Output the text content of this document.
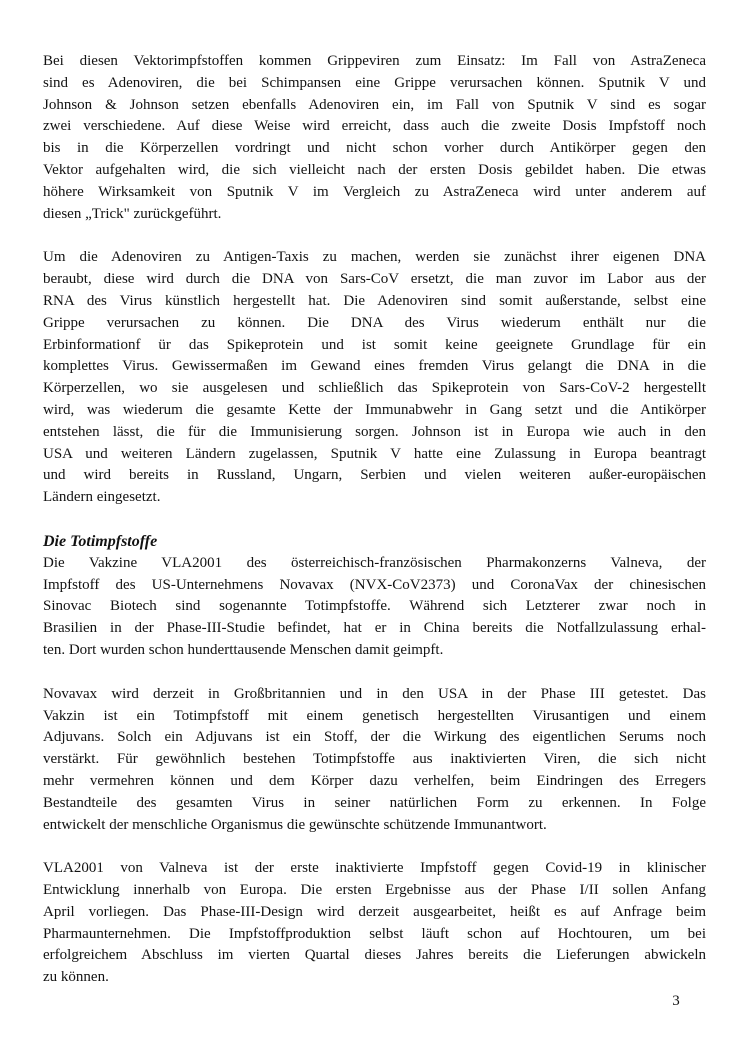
Bei diesen Vektorimpfstoffen kommen Grippeviren zum Einsatz: Im Fall von AstraZeneca
sind es Adenoviren, die bei Schimpansen eine Grippe verursachen können. Sputnik V und
Johnson & Johnson setzen ebenfalls Adenoviren ein, im Fall von Sputnik V sind es sogar
zwei verschiedene. Auf diese Weise wird erreicht, dass auch die zweite Dosis Impfstoff noch
bis in die Körperzellen vordringt und nicht schon vorher durch Antikörper gegen den
Vektor aufgehalten wird, die sich vielleicht nach der ersten Dosis gebildet haben. Die etwas
höhere Wirksamkeit von Sputnik V im Vergleich zu AstraZeneca wird unter anderem auf
diesen „Trick" zurückgeführt.
Um die Adenoviren zu Antigen-Taxis zu machen, werden sie zunächst ihrer eigenen DNA
beraubt, diese wird durch die DNA von Sars-CoV ersetzt, die man zuvor im Labor aus der
RNA des Virus künstlich hergestellt hat. Die Adenoviren sind somit außerstande, selbst eine
Grippe verursachen zu können. Die DNA des Virus wiederum enthält nur die
Erbinformationf ür das Spikeprotein und ist somit keine geeignete Grundlage für ein
komplettes Virus. Gewissermaßen im Gewand eines fremden Virus gelangt die DNA in die
Körperzellen, wo sie ausgelesen und schließlich das Spikeprotein von Sars-CoV-2 hergestellt
wird, was wiederum die gesamte Kette der Immunabwehr in Gang setzt und die Antikörper
entstehen lässt, die für die Immunisierung sorgen. Johnson ist in Europa wie auch in den
USA und weiteren Ländern zugelassen, Sputnik V hatte eine Zulassung in Europa beantragt
und wird bereits in Russland, Ungarn, Serbien und vielen weiteren außer-europäischen
Ländern eingesetzt.
Die Totimpfstoffe
Die Vakzine VLA2001 des österreichisch-französischen Pharmakonzerns Valneva, der
Impfstoff des US-Unternehmens Novavax (NVX-CoV2373) und CoronaVax der chinesischen
Sinovac Biotech sind sogenannte Totimpfstoffe. Während sich Letzterer zwar noch in
Brasilien in der Phase-III-Studie befindet, hat er in China bereits die Notfallzulassung erhal-
ten. Dort wurden schon hunderttausende Menschen damit geimpft.
Novavax wird derzeit in Großbritannien und in den USA in der Phase III getestet. Das
Vakzin ist ein Totimpfstoff mit einem genetisch hergestellten Virusantigen und einem
Adjuvans. Solch ein Adjuvans ist ein Stoff, der die Wirkung des eigentlichen Serums noch
verstärkt. Für gewöhnlich bestehen Totimpfstoffe aus inaktivierten Viren, die sich nicht
mehr vermehren können und dem Körper dazu verhelfen, beim Eindringen des Erregers
Bestandteile des gesamten Virus in seiner natürlichen Form zu erkennen. In Folge
entwickelt der menschliche Organismus die gewünschte schützende Immunantwort.
VLA2001 von Valneva ist der erste inaktivierte Impfstoff gegen Covid-19 in klinischer
Entwicklung innerhalb von Europa. Die ersten Ergebnisse aus der Phase I/II sollen Anfang
April vorliegen. Das Phase-III-Design wird derzeit ausgearbeitet, heißt es auf Anfrage beim
Pharmaunternehmen. Die Impfstoffproduktion selbst läuft schon auf Hochtouren, um bei
erfolgreichem Abschluss im vierten Quartal dieses Jahres bereits die Lieferungen abwickeln
zu können.
3
